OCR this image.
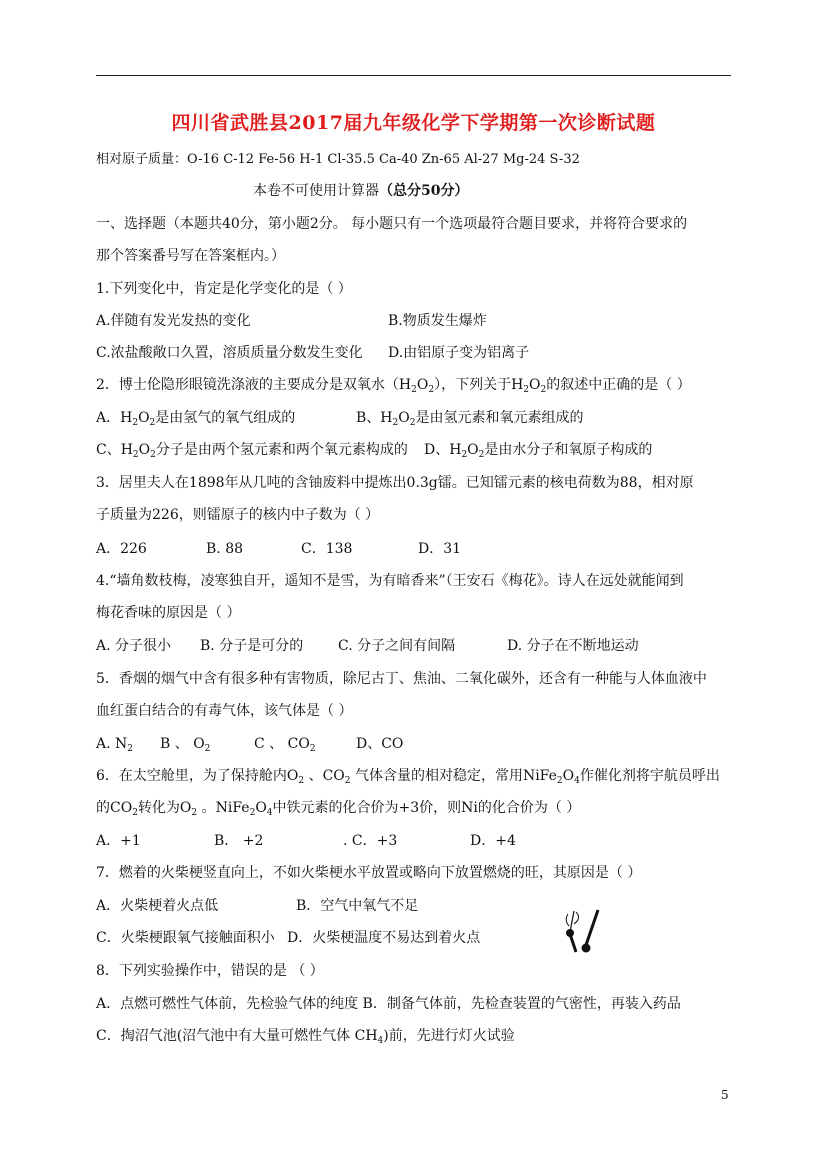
四川省武胜县2017届九年级化学下学期第一次诊断试题
相对原子质量：O-16 C-12 Fe-56 H-1 Cl-35.5 Ca-40 Zn-65 Al-27 Mg-24 S-32
本卷不可使用计算器（总分50分）
一、选择题（本题共40分，第小题2分。 每小题只有一个选项最符合题目要求，并将符合要求的
那个答案番号写在答案框内。）
1.下列变化中，肯定是化学变化的是（ ）
A.伴随有发光发热的变化	B.物质发生爆炸
C.浓盐酸敞口久置，溶质质量分数发生变化 D.由铝原子变为铝离子
2．博士伦隐形眼镜洗涤液的主要成分是双氧水$(H_2O_2)$，下列关于$H_2O_2$的叙述中正确的是（ ）
A．$H_2O_2$是由氢气的氧气组成的	B、$H_2O_2$是由氢元素和氧元素组成的
C、$H_2O_2$分子是由两个氢元素和两个氧元素构成的 D、$H_2O_2$是由水分子和氧原子构成的
3．居里夫人在1898年从几吨的含铀废料中提炼出0.3g镭。已知镭元素的核电荷数为88，相对原
子质量为226，则镭原子的核内中子数为（ ）
A．226	B. 88	C．138	D．31
4.“墙角数枝梅，凌寒独自开，遥知不是雪，为有暗香来”（王安石《梅花》。诗人在远处就能闻到
梅花香味的原因是（ ）
A. 分子很小 B. 分子是可分的 C. 分子之间有间隔	D. 分子在不断地运动
5．香烟的烟气中含有很多种有害物质，除尼古丁、焦油、二氧化碳外，还含有一种能与人体血液中
血红蛋白结合的有毒气体，该气体是（ ）
A. $N_2$ B 、 $O_2$	C 、 $CO_2$	D、CO
6．在太空舱里，为了保持舱内$O_2$ 、$CO_2$ 气体含量的相对稳定，常用$NiFe_2O_4$作催化剂将宇航员呼出
的$CO_2$转化为$O_2$ 。$NiFe_2O_4$中铁元素的化合价为+3价，则Ni的化合价为（ ）
A．+1	B． +2	. C．+3	D．+4
7．燃着的火柴梗竖直向上，不如火柴梗水平放置或略向下放置燃烧的旺，其原因是（ ）
A．火柴梗着火点低	B．空气中氧气不足
C．火柴梗跟氧气接触面积小 D．火柴梗温度不易达到着火点
8．下列实验操作中，错误的是 （ ）
A．点燃可燃性气体前，先检验气体的纯度 B．制备气体前，先检查装置的气密性，再装入药品
C．掏沼气池(沼气池中有大量可燃性气体 $CH_4$)前，先进行灯火试验
5
